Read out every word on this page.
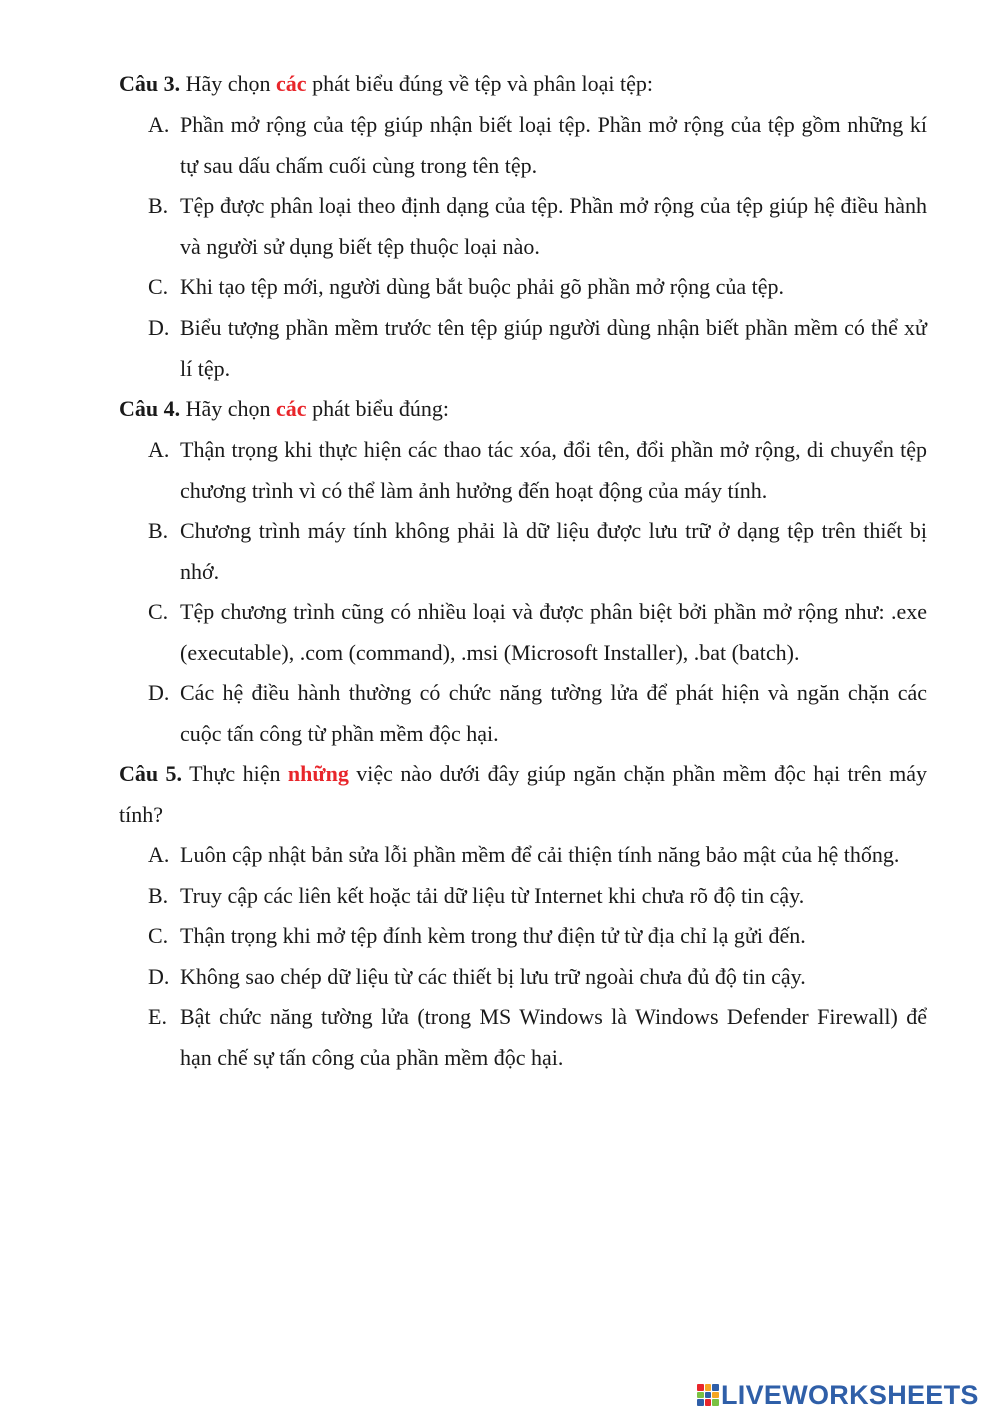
Câu 3. Hãy chọn các phát biểu đúng về tệp và phân loại tệp:

A. Phần mở rộng của tệp giúp nhận biết loại tệp. Phần mở rộng của tệp gồm những kí tự sau dấu chấm cuối cùng trong tên tệp.
B. Tệp được phân loại theo định dạng của tệp. Phần mở rộng của tệp giúp hệ điều hành và người sử dụng biết tệp thuộc loại nào.
C. Khi tạo tệp mới, người dùng bắt buộc phải gõ phần mở rộng của tệp.
D. Biểu tượng phần mềm trước tên tệp giúp người dùng nhận biết phần mềm có thể xử lí tệp.

Câu 4. Hãy chọn các phát biểu đúng:

A. Thận trọng khi thực hiện các thao tác xóa, đổi tên, đổi phần mở rộng, di chuyển tệp chương trình vì có thể làm ảnh hưởng đến hoạt động của máy tính.
B. Chương trình máy tính không phải là dữ liệu được lưu trữ ở dạng tệp trên thiết bị nhớ.
C. Tệp chương trình cũng có nhiều loại và được phân biệt bởi phần mở rộng như: .exe (executable), .com (command), .msi (Microsoft Installer), .bat (batch).
D. Các hệ điều hành thường có chức năng tường lửa để phát hiện và ngăn chặn các cuộc tấn công từ phần mềm độc hại.

Câu 5. Thực hiện những việc nào dưới đây giúp ngăn chặn phần mềm độc hại trên máy tính?

A. Luôn cập nhật bản sửa lỗi phần mềm để cải thiện tính năng bảo mật của hệ thống.
B. Truy cập các liên kết hoặc tải dữ liệu từ Internet khi chưa rõ độ tin cậy.
C. Thận trọng khi mở tệp đính kèm trong thư điện tử từ địa chỉ lạ gửi đến.
D. Không sao chép dữ liệu từ các thiết bị lưu trữ ngoài chưa đủ độ tin cậy.
E. Bật chức năng tường lửa (trong MS Windows là Windows Defender Firewall) để hạn chế sự tấn công của phần mềm độc hại.
LIVEWORKSHEETS
